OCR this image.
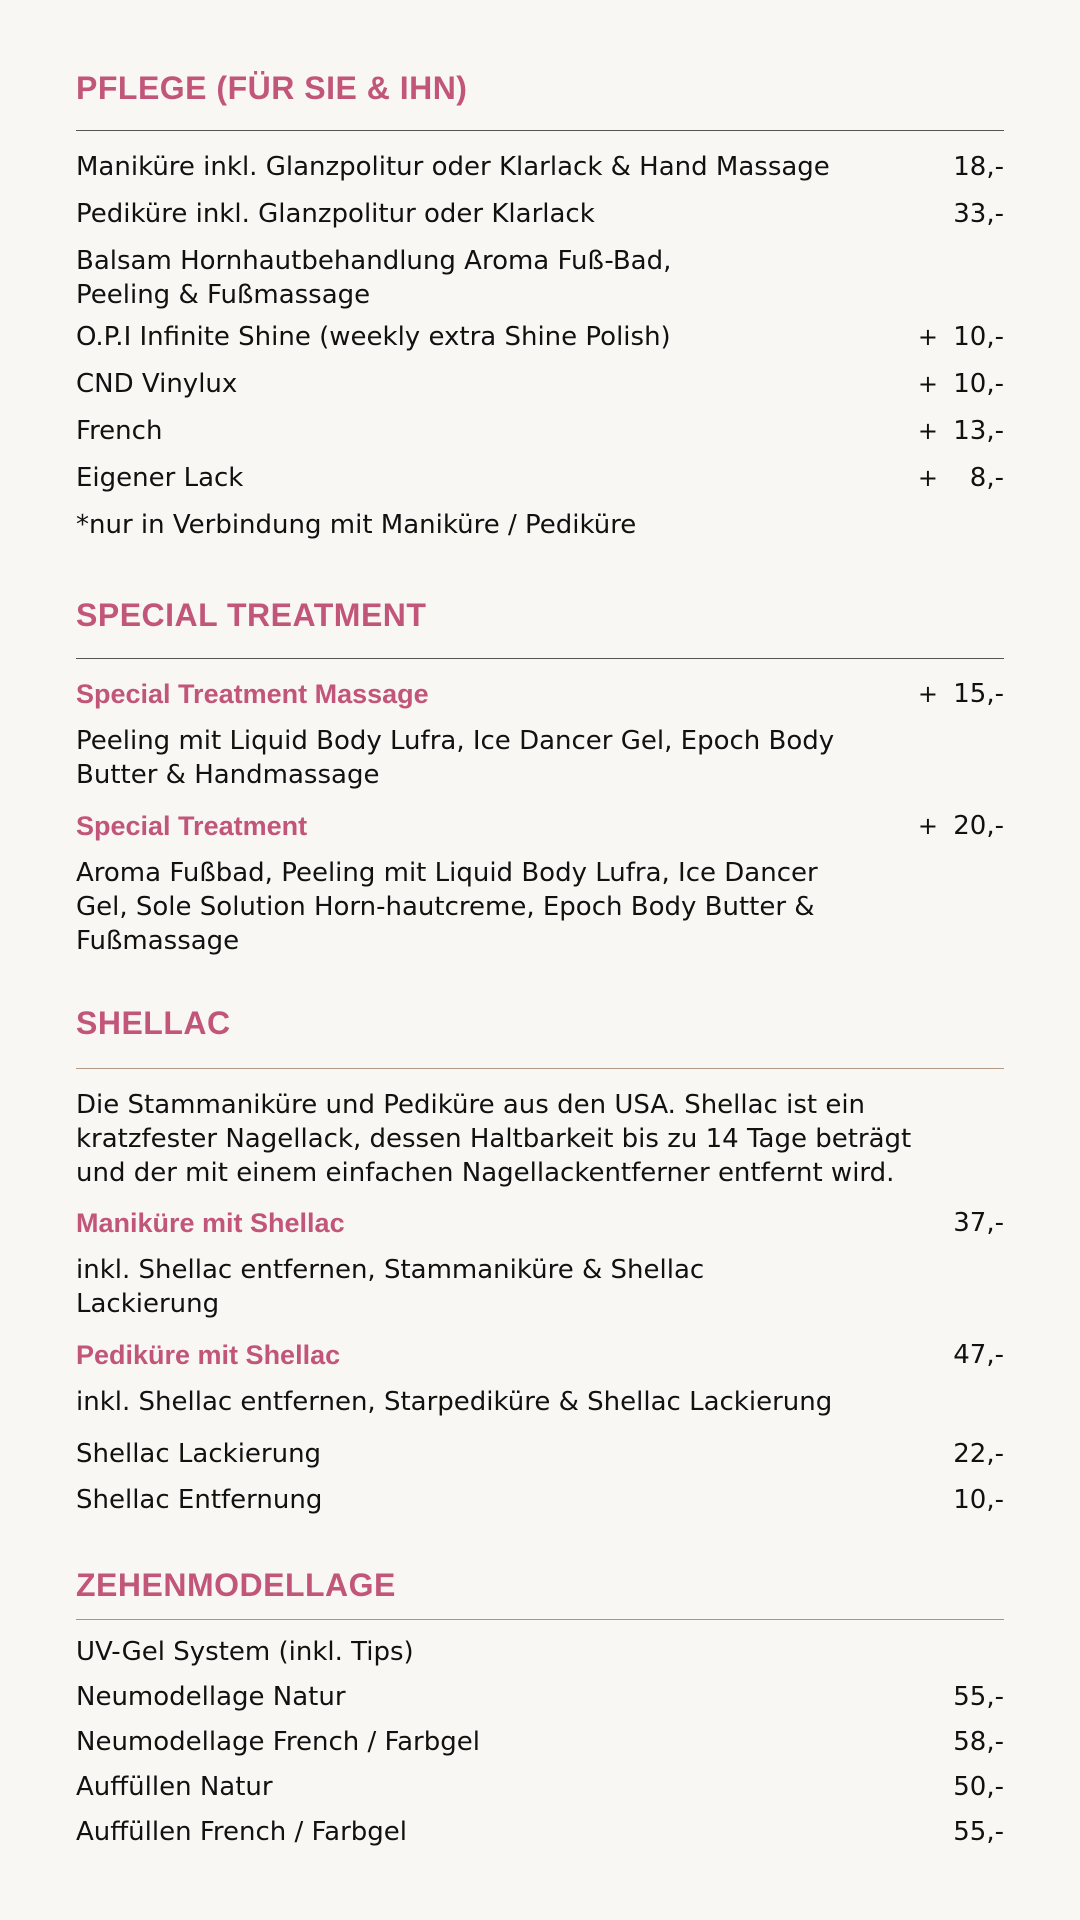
PFLEGE (FÜR SIE & IHN)
Maniküre inkl. Glanzpolitur oder Klarlack & Hand Massage	18,-
Pediküre inkl. Glanzpolitur oder Klarlack	33,-
Balsam Hornhautbehandlung Aroma Fuß-Bad,
Peeling & Fußmassage
O.P.I Infinite Shine (weekly extra Shine Polish)	+ 10,-
CND Vinylux	+ 10,-
French	+ 13,-
Eigener Lack	+ 8,-
*nur in Verbindung mit Maniküre / Pediküre
SPECIAL TREATMENT
Special Treatment Massage	+ 15,-
Peeling mit Liquid Body Lufra, Ice Dancer Gel, Epoch Body
Butter & Handmassage
Special Treatment	+ 20,-
Aroma Fußbad, Peeling mit Liquid Body Lufra, Ice Dancer
Gel, Sole Solution Horn-hautcreme, Epoch Body Butter &
Fußmassage
SHELLAC
Die Stammaniküre und Pediküre aus den USA. Shellac ist ein
kratzfester Nagellack, dessen Haltbarkeit bis zu 14 Tage beträgt
und der mit einem einfachen Nagellackentferner entfernt wird.
Maniküre mit Shellac	37,-
inkl. Shellac entfernen, Stammaniküre & Shellac
Lackierung
Pediküre mit Shellac	47,-
inkl. Shellac entfernen, Starpediküre & Shellac Lackierung
Shellac Lackierung	22,-
Shellac Entfernung	10,-
ZEHENMODELLAGE
UV-Gel System (inkl. Tips)
Neumodellage Natur	55,-
Neumodellage French / Farbgel	58,-
Auffüllen Natur	50,-
Auffüllen French / Farbgel	55,-
